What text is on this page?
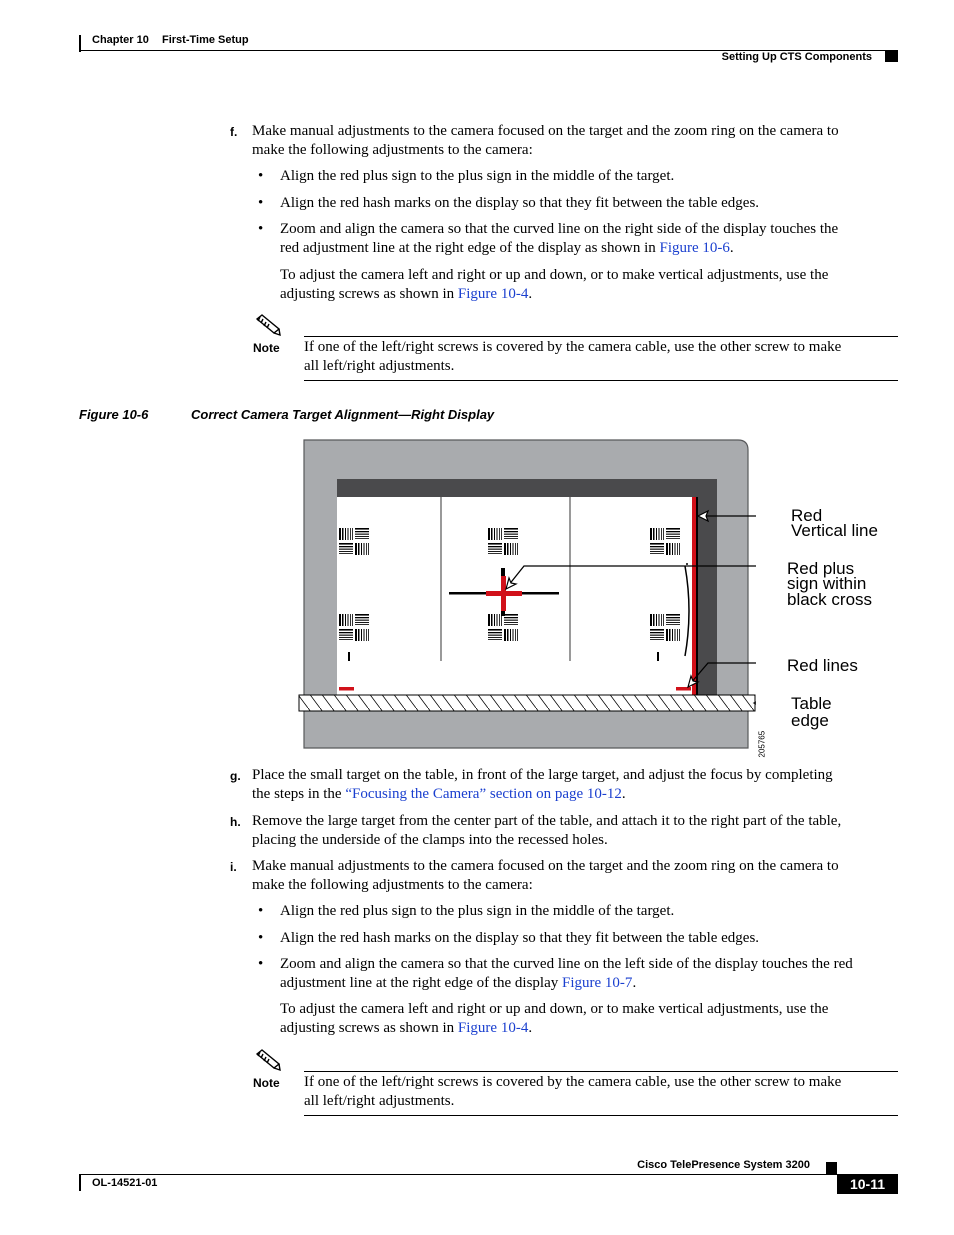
Chapter 10 First-Time Setup
Setting Up CTS Components
f. Make manual adjustments to the camera focused on the target and the zoom ring on the camera to
make the following adjustments to the camera:
• Align the red plus sign to the plus sign in the middle of the target.
• Align the red hash marks on the display so that they fit between the table edges.
• Zoom and align the camera so that the curved line on the right side of the display touches the
red adjustment line at the right edge of the display as shown in Figure 10-6.
To adjust the camera left and right or up and down, or to make vertical adjustments, use the
adjusting screws as shown in Figure 10-4.
Note If one of the left/right screws is covered by the camera cable, use the other screw to make
all left/right adjustments.
Figure 10-6	Correct Camera Target Alignment—Right Display
Red
Vertical line
Red plus
sign within
black cross
Red lines
Table
edge
205765
g. Place the small target on the table, in front of the large target, and adjust the focus by completing
the steps in the “Focusing the Camera” section on page 10-12.
h. Remove the large target from the center part of the table, and attach it to the right part of the table,
placing the underside of the clamps into the recessed holes.
i. Make manual adjustments to the camera focused on the target and the zoom ring on the camera to
make the following adjustments to the camera:
• Align the red plus sign to the plus sign in the middle of the target.
• Align the red hash marks on the display so that they fit between the table edges.
• Zoom and align the camera so that the curved line on the left side of the display touches the red
adjustment line at the right edge of the display Figure 10-7.
To adjust the camera left and right or up and down, or to make vertical adjustments, use the
adjusting screws as shown in Figure 10-4.
Note If one of the left/right screws is covered by the camera cable, use the other screw to make
all left/right adjustments.
Cisco TelePresence System 3200
OL-14521-01	10-11
